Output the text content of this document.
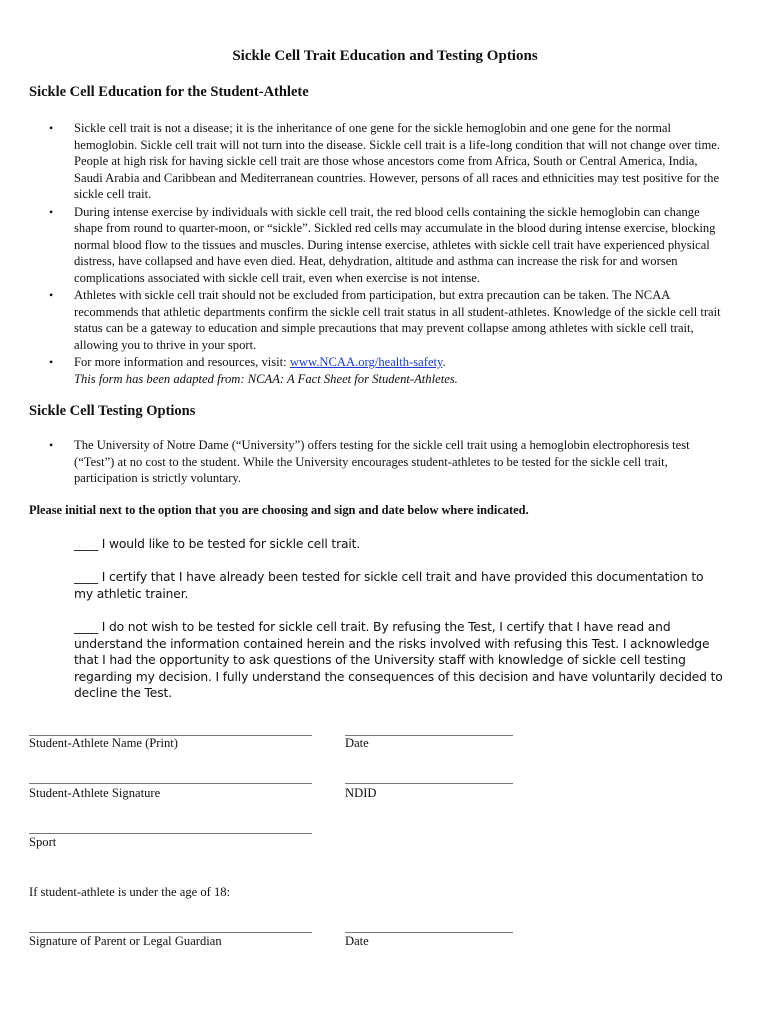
Sickle Cell Trait Education and Testing Options
Sickle Cell Education for the Student-Athlete
• Sickle cell trait is not a disease; it is the inheritance of one gene for the sickle hemoglobin and one gene for the normal hemoglobin. Sickle cell trait will not turn into the disease. Sickle cell trait is a life-long condition that will not change over time. People at high risk for having sickle cell trait are those whose ancestors come from Africa, South or Central America, India, Saudi Arabia and Caribbean and Mediterranean countries. However, persons of all races and ethnicities may test positive for the sickle cell trait.
• During intense exercise by individuals with sickle cell trait, the red blood cells containing the sickle hemoglobin can change shape from round to quarter-moon, or “sickle”. Sickled red cells may accumulate in the blood during intense exercise, blocking normal blood flow to the tissues and muscles. During intense exercise, athletes with sickle cell trait have experienced physical distress, have collapsed and have even died. Heat, dehydration, altitude and asthma can increase the risk for and worsen complications associated with sickle cell trait, even when exercise is not intense.
• Athletes with sickle cell trait should not be excluded from participation, but extra precaution can be taken. The NCAA recommends that athletic departments confirm the sickle cell trait status in all student-athletes. Knowledge of the sickle cell trait status can be a gateway to education and simple precautions that may prevent collapse among athletes with sickle cell trait, allowing you to thrive in your sport.
• For more information and resources, visit: www.NCAA.org/health-safety.
This form has been adapted from: NCAA: A Fact Sheet for Student-Athletes.
Sickle Cell Testing Options
• The University of Notre Dame (“University”) offers testing for the sickle cell trait using a hemoglobin electrophoresis test (“Test”) at no cost to the student. While the University encourages student-athletes to be tested for the sickle cell trait, participation is strictly voluntary.
Please initial next to the option that you are choosing and sign and date below where indicated.
____ I would like to be tested for sickle cell trait.
____ I certify that I have already been tested for sickle cell trait and have provided this documentation to my athletic trainer.
____ I do not wish to be tested for sickle cell trait. By refusing the Test, I certify that I have read and understand the information contained herein and the risks involved with refusing this Test. I acknowledge that I had the opportunity to ask questions of the University staff with knowledge of sickle cell testing regarding my decision. I fully understand the consequences of this decision and have voluntarily decided to decline the Test.
Student-Athlete Name (Print)	Date
Student-Athlete Signature	NDID
Sport
If student-athlete is under the age of 18:
Signature of Parent or Legal Guardian	Date
